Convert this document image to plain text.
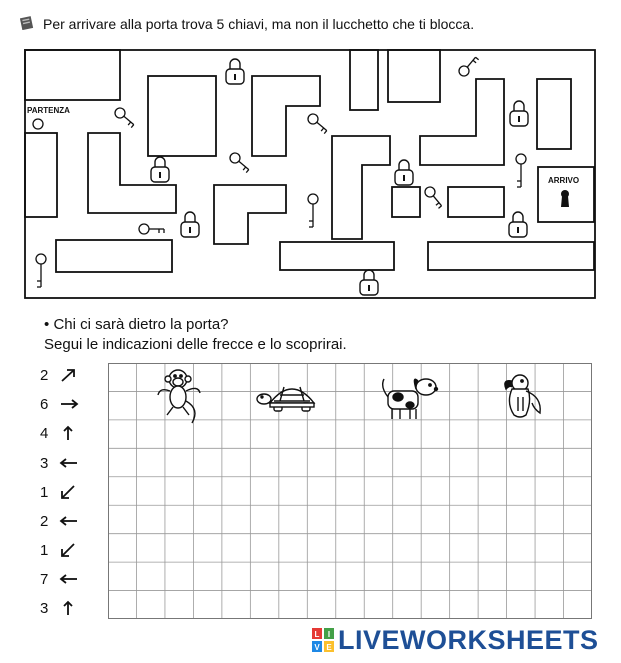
Per arrivare alla porta trova 5 chiavi, ma non il lucchetto che ti blocca.
PARTENZA
ARRIVO
• Chi ci sarà dietro la porta?
Segui le indicazioni delle frecce e lo scoprirai.
2
6
4
3
1
2
1
7
3
L I
V E LIVEWORKSHEETS
